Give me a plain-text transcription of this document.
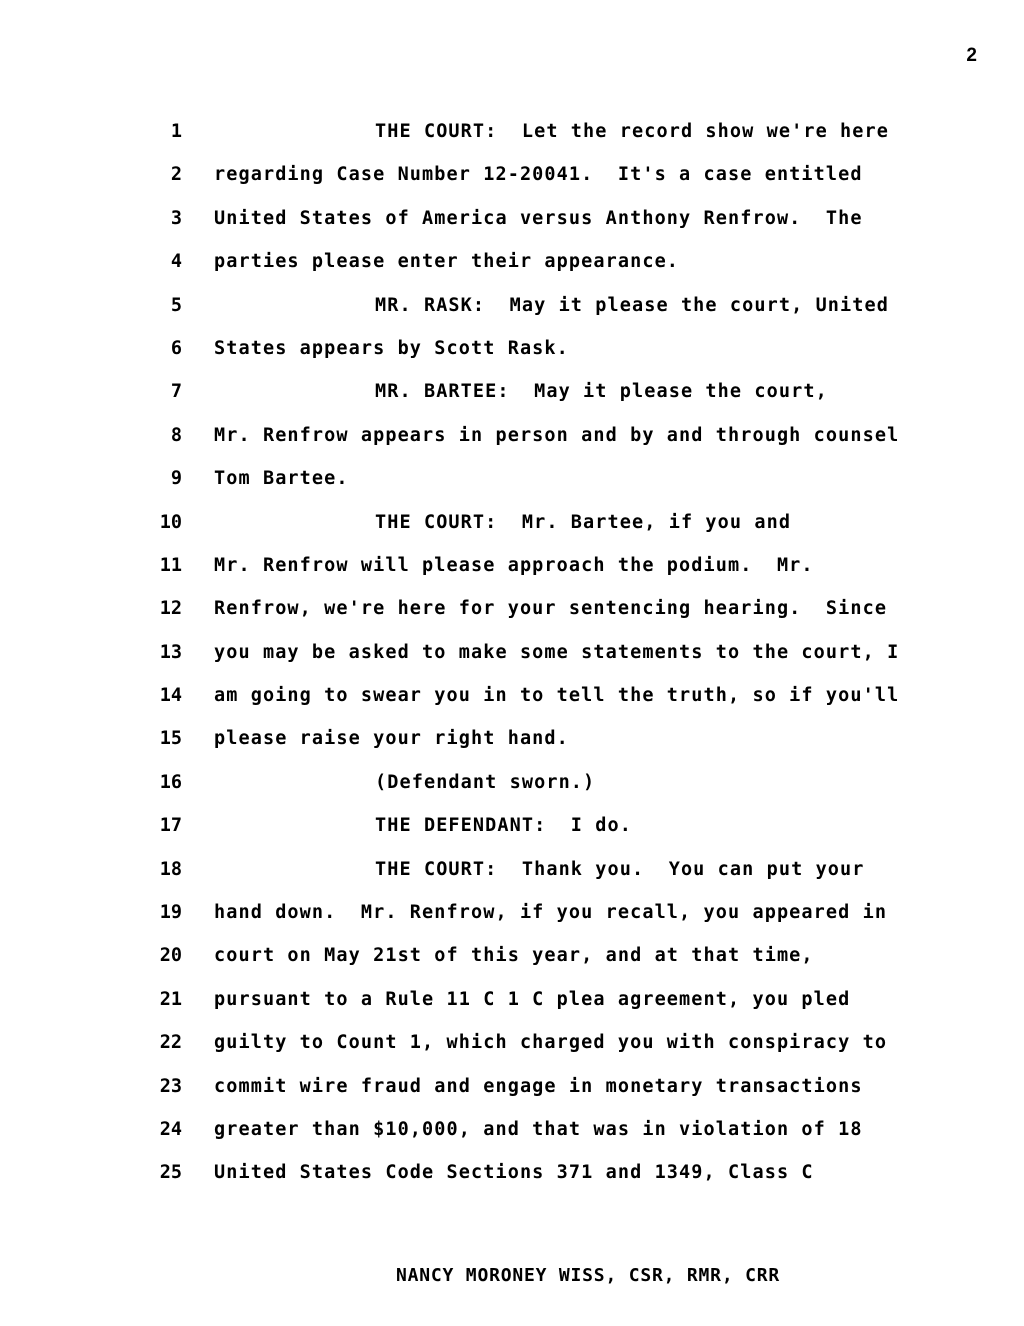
2
1	THE COURT:  Let the record show we're here
2 regarding Case Number 12-20041.  It's a case entitled
3 United States of America versus Anthony Renfrow.  The
4 parties please enter their appearance.
5	MR. RASK:  May it please the court, United
6 States appears by Scott Rask.
7	MR. BARTEE:  May it please the court,
8 Mr. Renfrow appears in person and by and through counsel
9 Tom Bartee.
10	THE COURT:  Mr. Bartee, if you and
11 Mr. Renfrow will please approach the podium.  Mr.
12 Renfrow, we're here for your sentencing hearing.  Since
13 you may be asked to make some statements to the court, I
14 am going to swear you in to tell the truth, so if you'll
15 please raise your right hand.
16	(Defendant sworn.)
17	THE DEFENDANT:  I do.
18	THE COURT:  Thank you.  You can put your
19 hand down.  Mr. Renfrow, if you recall, you appeared in
20 court on May 21st of this year, and at that time,
21 pursuant to a Rule 11 C 1 C plea agreement, you pled
22 guilty to Count 1, which charged you with conspiracy to
23 commit wire fraud and engage in monetary transactions
24 greater than $10,000, and that was in violation of 18
25 United States Code Sections 371 and 1349, Class C
NANCY MORONEY WISS, CSR, RMR, CRR
